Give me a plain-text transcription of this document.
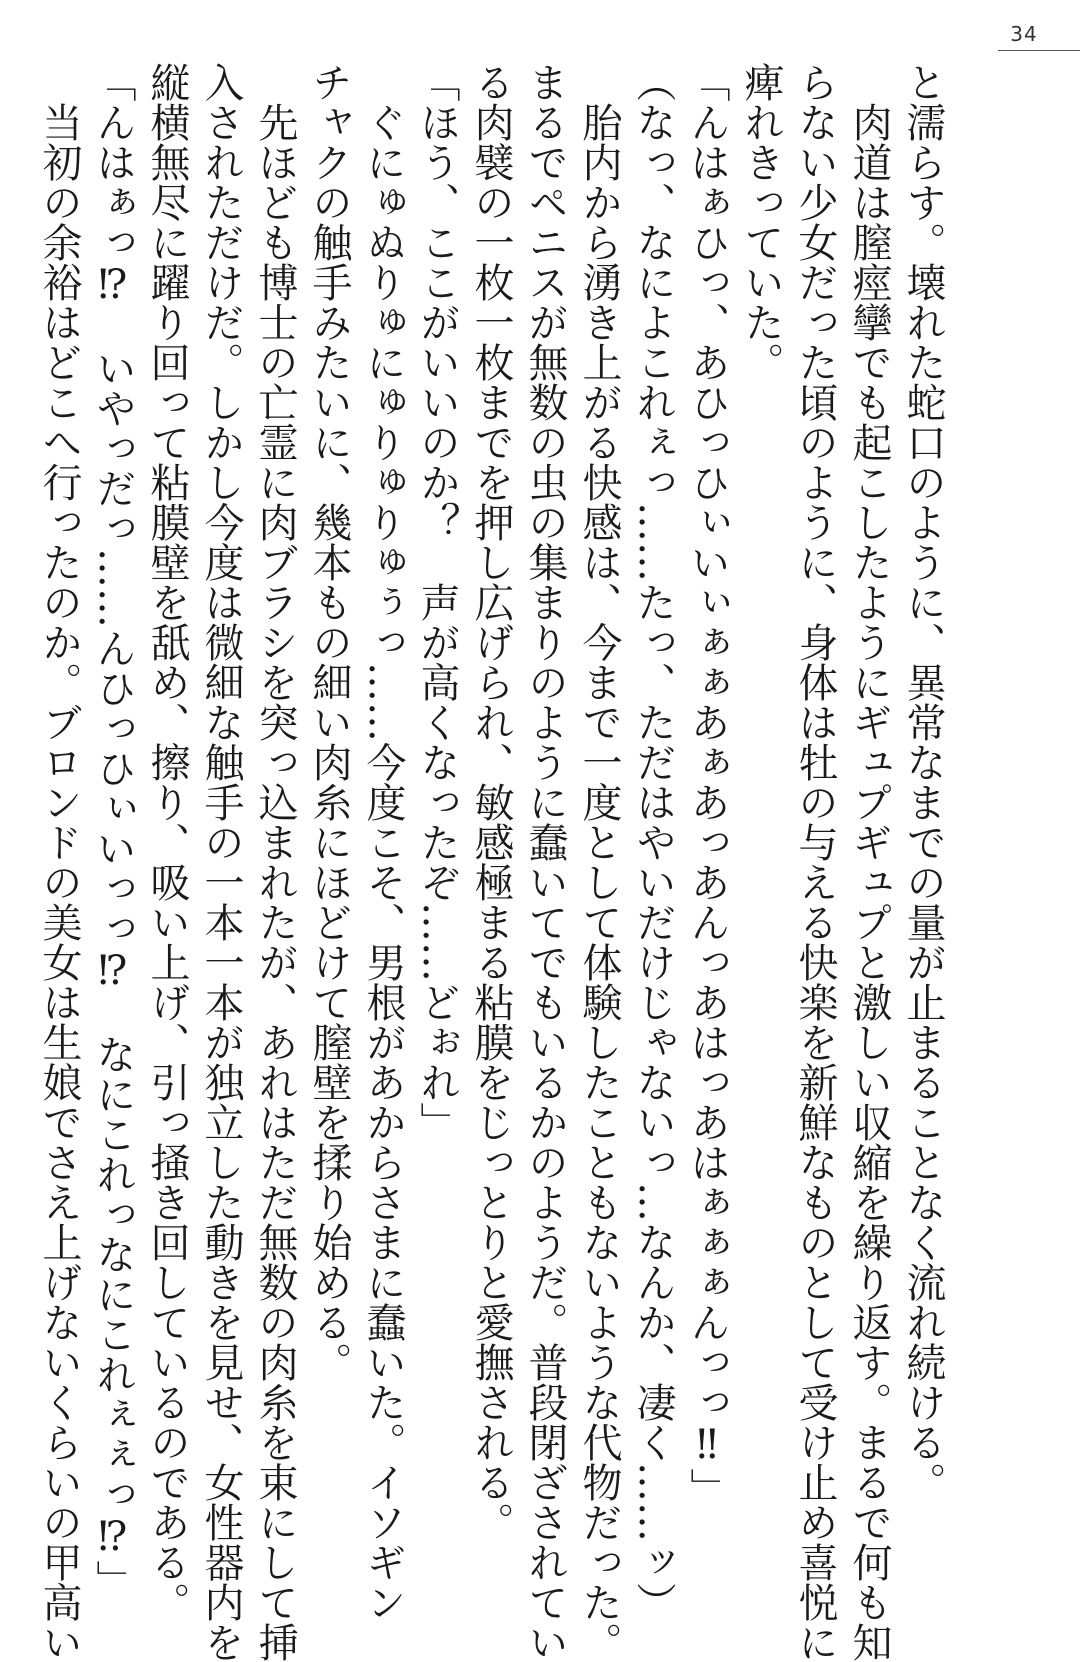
34

と濡らす。壊れた蛇口のように、異常なまでの量が止まることなく流れ続ける。

　肉道は膣痙攣でも起こしたようにギュプギュプと激しい収縮を繰り返す。まるで何も知

らない少女だった頃のように、身体は牡の与える快楽を新鮮なものとして受け止め喜悦に

痺れきっていた。

「んはぁひっ、あひっひぃいぃぁぁあぁあっあんっあはっあはぁぁぁんっっ‼」

（なっ、なによこれぇっ……たっ、ただはやいだけじゃないっ…なんか、凄く……ッ）

　胎内から湧き上がる快感は、今まで一度として体験したこともないような代物だった。

まるでペニスが無数の虫の集まりのように蠢いてでもいるかのようだ。普段閉ざされてい

る肉襞の一枚一枚までを押し広げられ、敏感極まる粘膜をじっとりと愛撫される。

「ほう、ここがいいのか？　声が高くなったぞ……どぉれ」

　ぐにゅぬりゅにゅりゅりゅぅっ……今度こそ、男根があからさまに蠢いた。イソギン

チャクの触手みたいに、幾本もの細い肉糸にほどけて膣壁を揉り始める。

　先ほども博士の亡霊に肉ブラシを突っ込まれたが、あれはただ無数の肉糸を束にして挿

入されただけだ。しかし今度は微細な触手の一本一本が独立した動きを見せ、女性器内を

縦横無尽に躍り回って粘膜壁を舐め、擦り、吸い上げ、引っ掻き回しているのである。

「んはぁっ⁉　いやっだっ……んひっひぃいっっ⁉　なにこれっなにこれぇぇっ⁉」

　当初の余裕はどこへ行ったのか。ブロンドの美女は生娘でさえ上げないくらいの甲高い
